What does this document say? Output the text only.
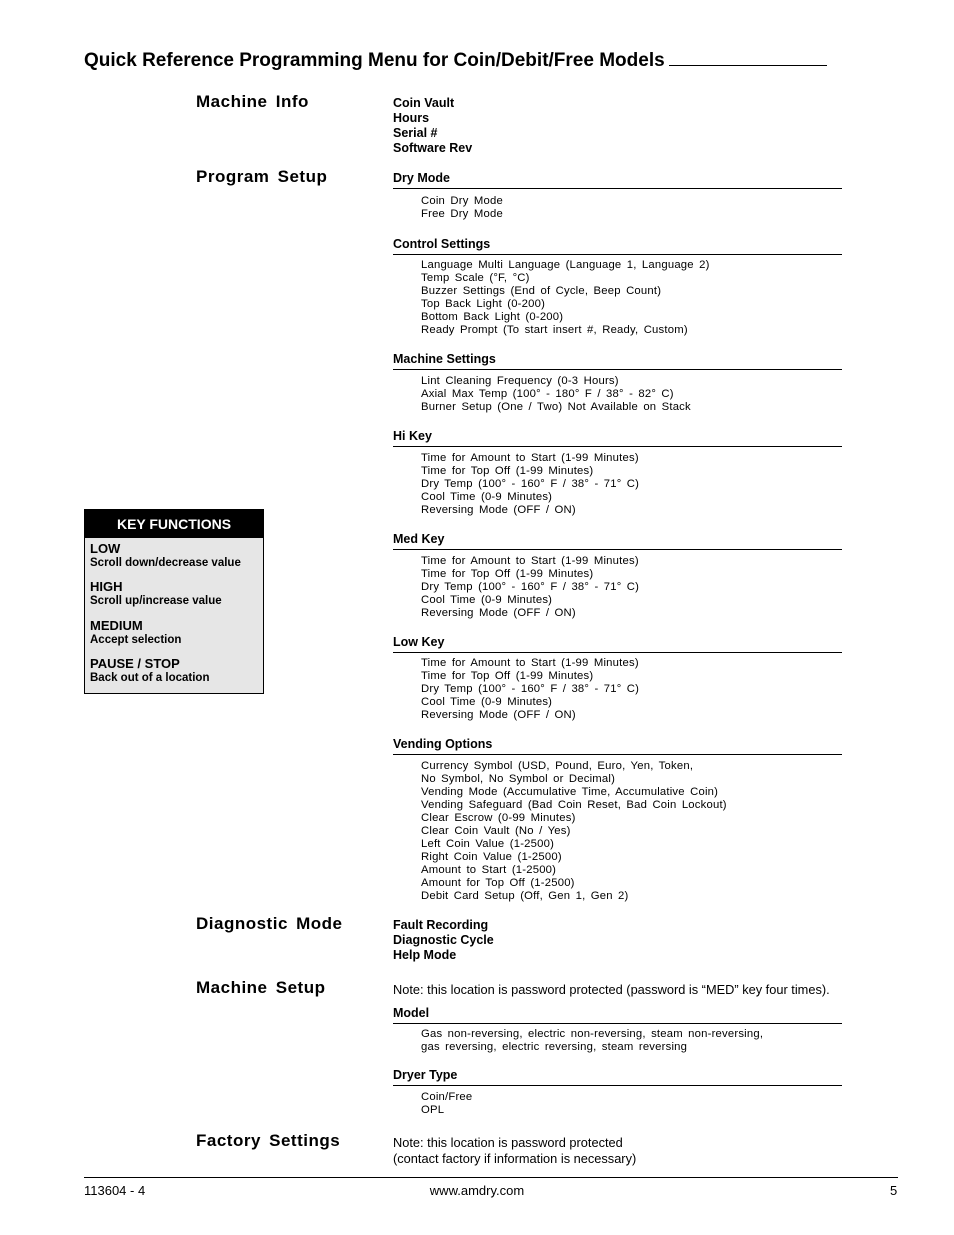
Quick Reference Programming Menu for Coin/Debit/Free Models
Machine Info	Coin Vault
Hours
Serial #
Software Rev
Program Setup	Dry Mode
Coin Dry Mode
Free Dry Mode
Control Settings
Language Multi Language (Language 1, Language 2)
Temp Scale (°F, °C)
Buzzer Settings (End of Cycle, Beep Count)
Top Back Light (0-200)
Bottom Back Light (0-200)
Ready Prompt (To start insert #, Ready, Custom)
Machine Settings
Lint Cleaning Frequency (0-3 Hours)
Axial Max Temp (100° - 180° F / 38° - 82° C)
Burner Setup (One / Two) Not Available on Stack
Hi Key
Time for Amount to Start (1-99 Minutes)
Time for Top Off (1-99 Minutes)
Dry Temp (100° - 160° F / 38° - 71° C)
Cool Time (0-9 Minutes)
Reversing Mode (OFF / ON)
Med Key
Time for Amount to Start (1-99 Minutes)
Time for Top Off (1-99 Minutes)
Dry Temp (100° - 160° F / 38° - 71° C)
Cool Time (0-9 Minutes)
Reversing Mode (OFF / ON)
Low Key
Time for Amount to Start (1-99 Minutes)
Time for Top Off (1-99 Minutes)
Dry Temp (100° - 160° F / 38° - 71° C)
Cool Time (0-9 Minutes)
Reversing Mode (OFF / ON)
Vending Options
Currency Symbol (USD, Pound, Euro, Yen, Token,
No Symbol, No Symbol or Decimal)
Vending Mode (Accumulative Time, Accumulative Coin)
Vending Safeguard (Bad Coin Reset, Bad Coin Lockout)
Clear Escrow (0-99 Minutes)
Clear Coin Vault (No / Yes)
Left Coin Value (1-2500)
Right Coin Value (1-2500)
Amount to Start (1-2500)
Amount for Top Off (1-2500)
Debit Card Setup (Off, Gen 1, Gen 2)
Diagnostic Mode	Fault Recording
Diagnostic Cycle
Help Mode
Machine Setup	Note: this location is password protected (password is “MED” key four times).
Model
Gas non-reversing, electric non-reversing, steam non-reversing,
gas reversing, electric reversing, steam reversing
Dryer Type
Coin/Free
OPL
Factory Settings	Note: this location is password protected
(contact factory if information is necessary)
KEY FUNCTIONS
LOW
Scroll down/decrease value
HIGH
Scroll up/increase value
MEDIUM
Accept selection
PAUSE / STOP
Back out of a location
113604 - 4	www.amdry.com	5
